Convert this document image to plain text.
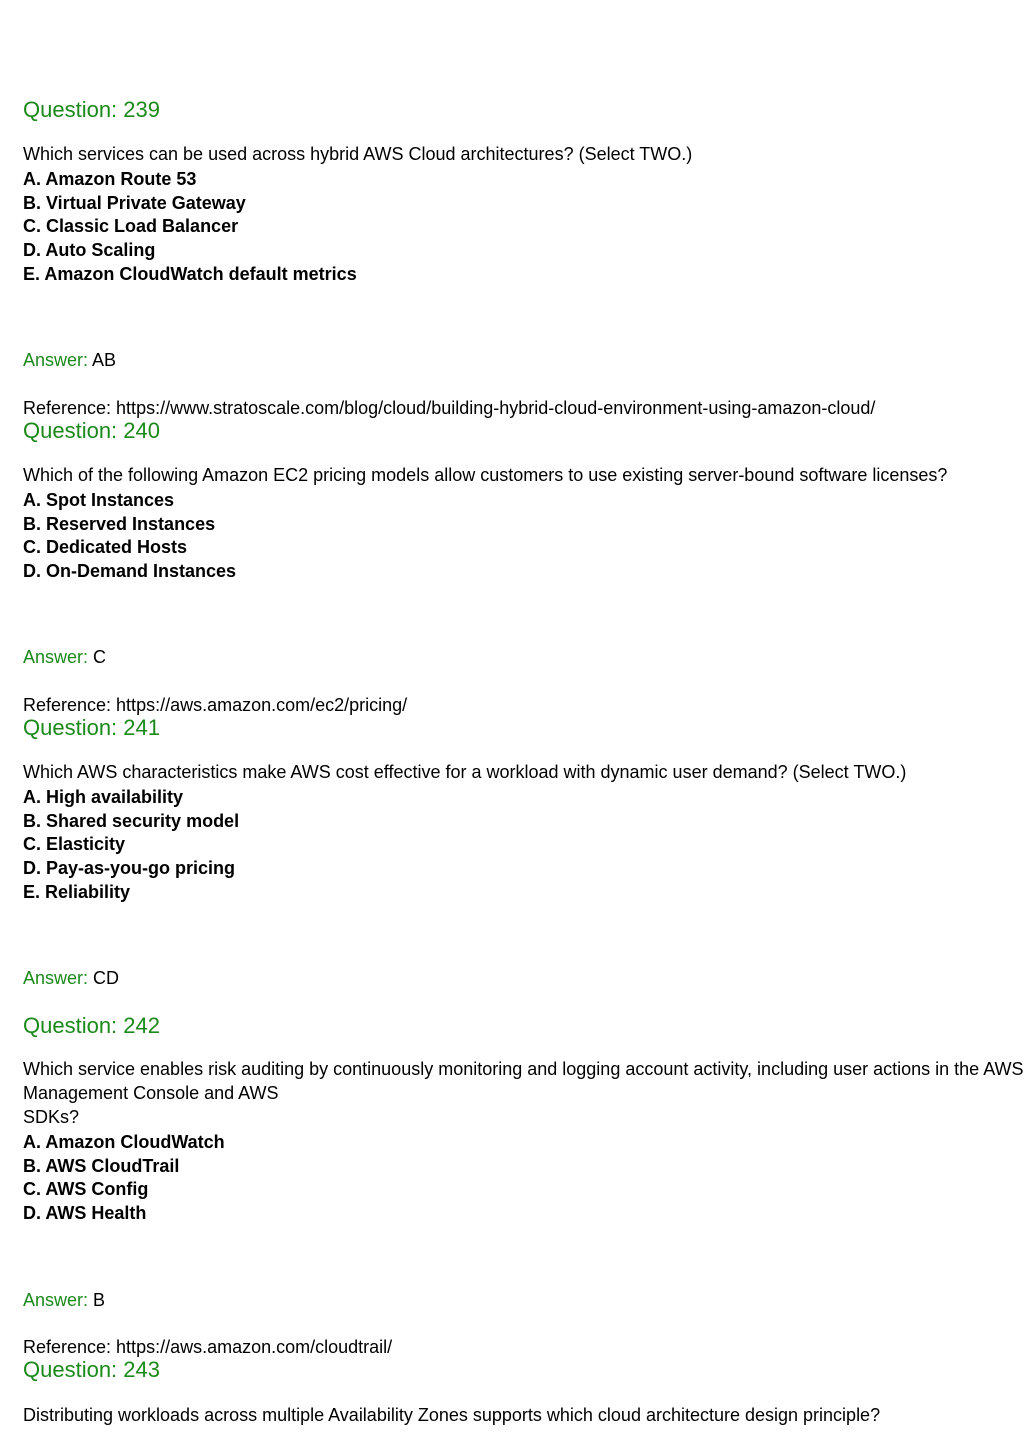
Question: 239
Which services can be used across hybrid AWS Cloud architectures? (Select TWO.)
A. Amazon Route 53
B. Virtual Private Gateway
C. Classic Load Balancer
D. Auto Scaling
E. Amazon CloudWatch default metrics
Answer: AB
Reference: https://www.stratoscale.com/blog/cloud/building-hybrid-cloud-environment-using-amazon-cloud/
Question: 240
Which of the following Amazon EC2 pricing models allow customers to use existing server-bound software licenses?
A. Spot Instances
B. Reserved Instances
C. Dedicated Hosts
D. On-Demand Instances
Answer: C
Reference: https://aws.amazon.com/ec2/pricing/
Question: 241
Which AWS characteristics make AWS cost effective for a workload with dynamic user demand? (Select TWO.)
A. High availability
B. Shared security model
C. Elasticity
D. Pay-as-you-go pricing
E. Reliability
Answer: CD
Question: 242
Which service enables risk auditing by continuously monitoring and logging account activity, including user actions in the AWS
Management Console and AWS
SDKs?
A. Amazon CloudWatch
B. AWS CloudTrail
C. AWS Config
D. AWS Health
Answer: B
Reference: https://aws.amazon.com/cloudtrail/
Question: 243
Distributing workloads across multiple Availability Zones supports which cloud architecture design principle?
